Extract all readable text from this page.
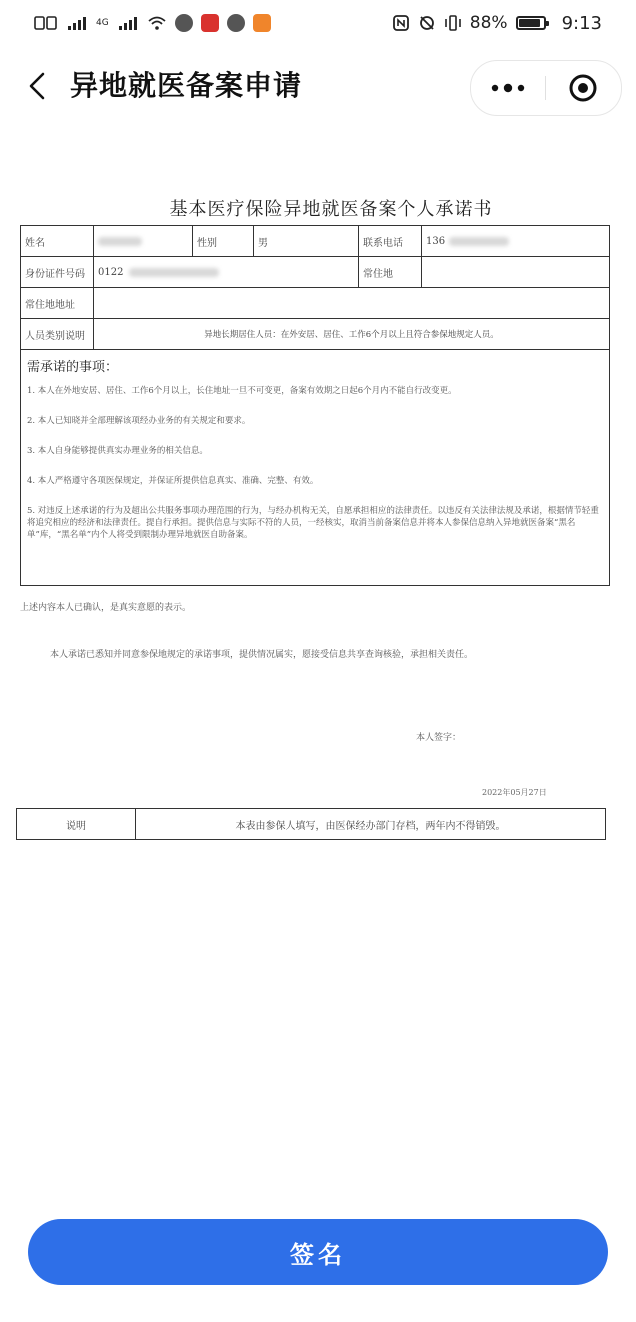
4G	88%	9:13
异地就医备案申请
基本医疗保险异地就医备案个人承诺书
姓名		性别	男	联系电话	136
身份证件号码	0122			常住地	
常住地地址					
人员类别说明	异地长期居住人员：在外安居、居住、工作6个月以上且符合参保地规定人员。				
需承诺的事项：

1. 本人在外地安居、居住、工作6个月以上，长住地址一旦不可变更，备案有效期之日起6个月内不能自行改变更。

2. 本人已知晓并全部理解该项经办业务的有关规定和要求。

3. 本人自身能够提供真实办理业务的相关信息。

4. 本人严格遵守各项医保规定，并保证所提供信息真实、准确、完整、有效。

5. 对违反上述承诺的行为及超出公共服务事项办理范围的行为，与经办机构无关，自愿承担相应的法律责任。以违反有关法律法规及承诺，根据情节轻重将追究相应的经济和法律责任。提自行承担。提供信息与实际不符的人员，一经核实，取消当前备案信息并将本人参保信息纳入异地就医备案“黑名单”库，“黑名单”内个人将受到限制办理异地就医自助备案。

上述内容本人已确认，是真实意愿的表示。
本人承诺已悉知并同意参保地规定的承诺事项，提供情况属实，愿接受信息共享查询核验，承担相关责任。
本人签字：
2022年05月27日
说明	本表由参保人填写，由医保经办部门存档，两年内不得销毁。
签名
